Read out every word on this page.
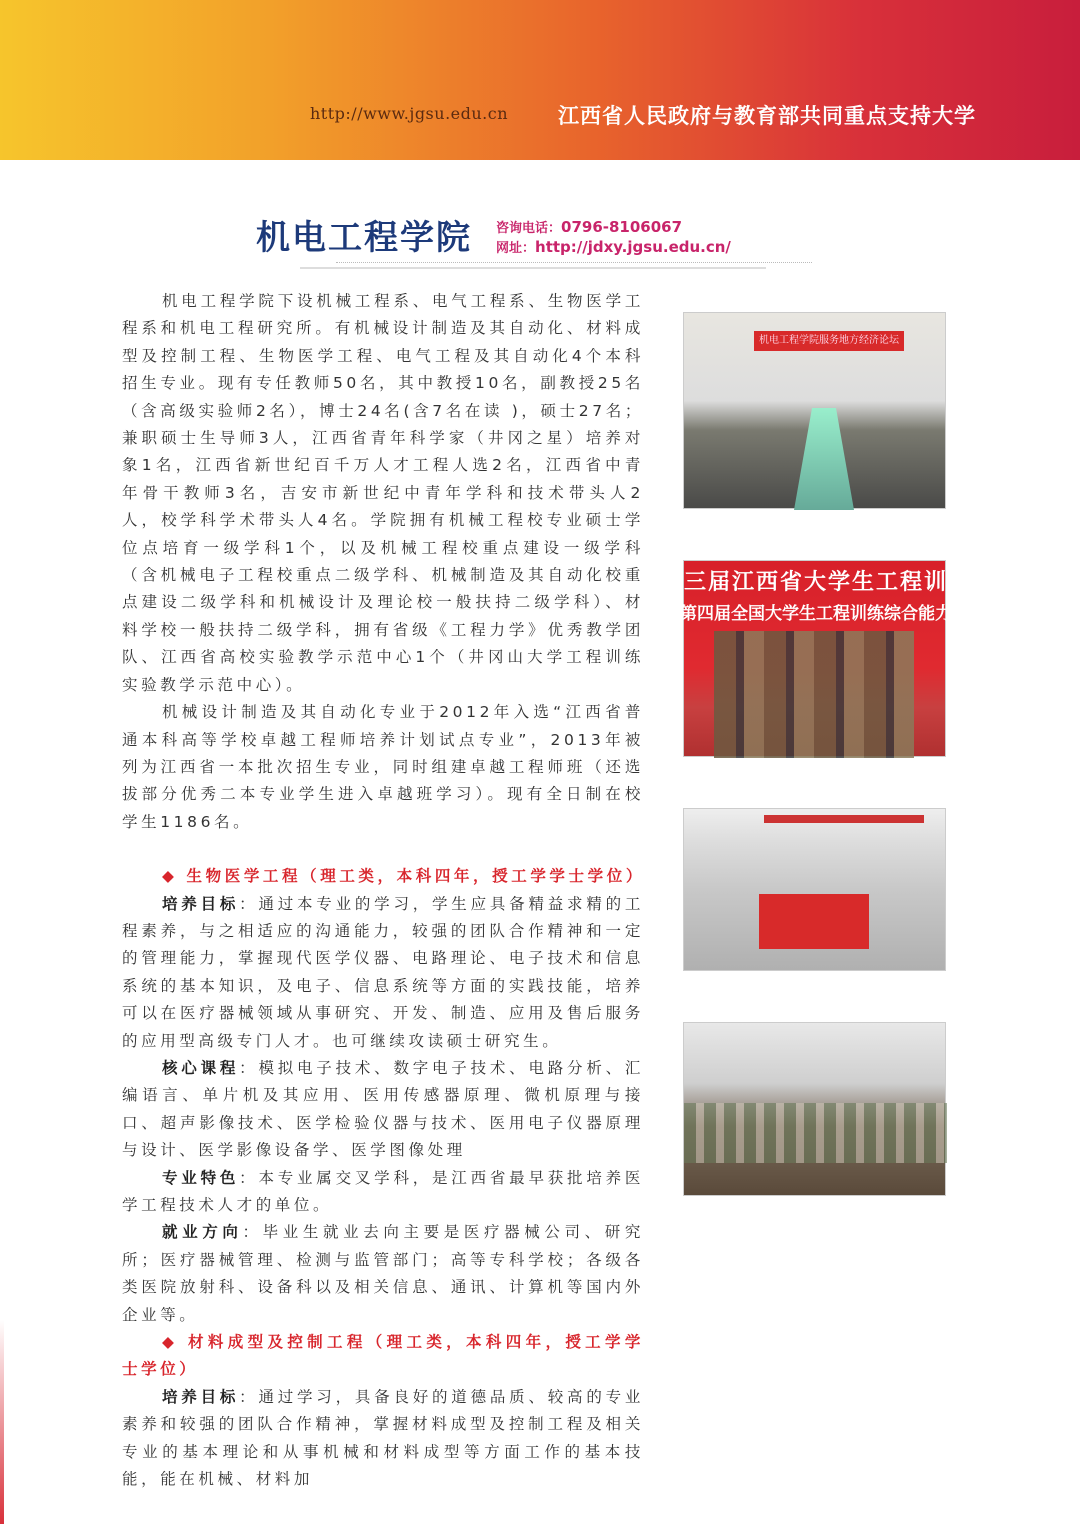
http://www.jgsu.edu.cn 江西省人民政府与教育部共同重点支持大学
机电工程学院 咨询电话：0796-8106067
网址：http://jdxy.jgsu.edu.cn/

机电工程学院下设机械工程系、电气工程系、生物医学工程系和机电工程研究所。有机械设计制造及其自动化、材料成型及控制工程、生物医学工程、电气工程及其自动化4个本科招生专业。现有专任教师50名，其中教授10名，副教授25名（含高级实验师2名），博士24名(含7名在读 )，硕士27名；兼职硕士生导师3人，江西省青年科学家（井冈之星）培养对象1名，江西省新世纪百千万人才工程人选2名，江西省中青年骨干教师3名，吉安市新世纪中青年学科和技术带头人2人，校学科学术带头人4名。学院拥有机械工程校专业硕士学位点培育一级学科1个，以及机械工程校重点建设一级学科（含机械电子工程校重点二级学科、机械制造及其自动化校重点建设二级学科和机械设计及理论校一般扶持二级学科）、材料学校一般扶持二级学科，拥有省级《工程力学》优秀教学团队、江西省高校实验教学示范中心1个（井冈山大学工程训练实验教学示范中心）。

机械设计制造及其自动化专业于2012年入选“江西省普通本科高等学校卓越工程师培养计划试点专业”，2013年被列为江西省一本批次招生专业，同时组建卓越工程师班（还选拔部分优秀二本专业学生进入卓越班学习）。现有全日制在校学生1186名。

◆ 生物医学工程（理工类，本科四年，授工学学士学位）

培养目标：通过本专业的学习，学生应具备精益求精的工程素养，与之相适应的沟通能力，较强的团队合作精神和一定的管理能力，掌握现代医学仪器、电路理论、电子技术和信息系统的基本知识，及电子、信息系统等方面的实践技能，培养可以在医疗器械领域从事研究、开发、制造、应用及售后服务的应用型高级专门人才。也可继续攻读硕士研究生。

核心课程：模拟电子技术、数字电子技术、电路分析、汇编语言、单片机及其应用、医用传感器原理、微机原理与接口、超声影像技术、医学检验仪器与技术、医用电子仪器原理与设计、医学影像设备学、医学图像处理

专业特色：本专业属交叉学科，是江西省最早获批培养医学工程技术人才的单位。

就业方向：毕业生就业去向主要是医疗器械公司、研究所；医疗器械管理、检测与监管部门；高等专科学校；各级各类医院放射科、设备科以及相关信息、通讯、计算机等国内外企业等。

◆ 材料成型及控制工程（理工类，本科四年，授工学学士学位）

培养目标：通过学习，具备良好的道德品质、较高的专业素养和较强的团队合作精神，掌握材料成型及控制工程及相关专业的基本理论和从事机械和材料成型等方面工作的基本技能，能在机械、材料加

机电工程学院服务地方经济论坛
三届江西省大学生工程训练综合
第四届全国大学生工程训练综合能力竞赛江
